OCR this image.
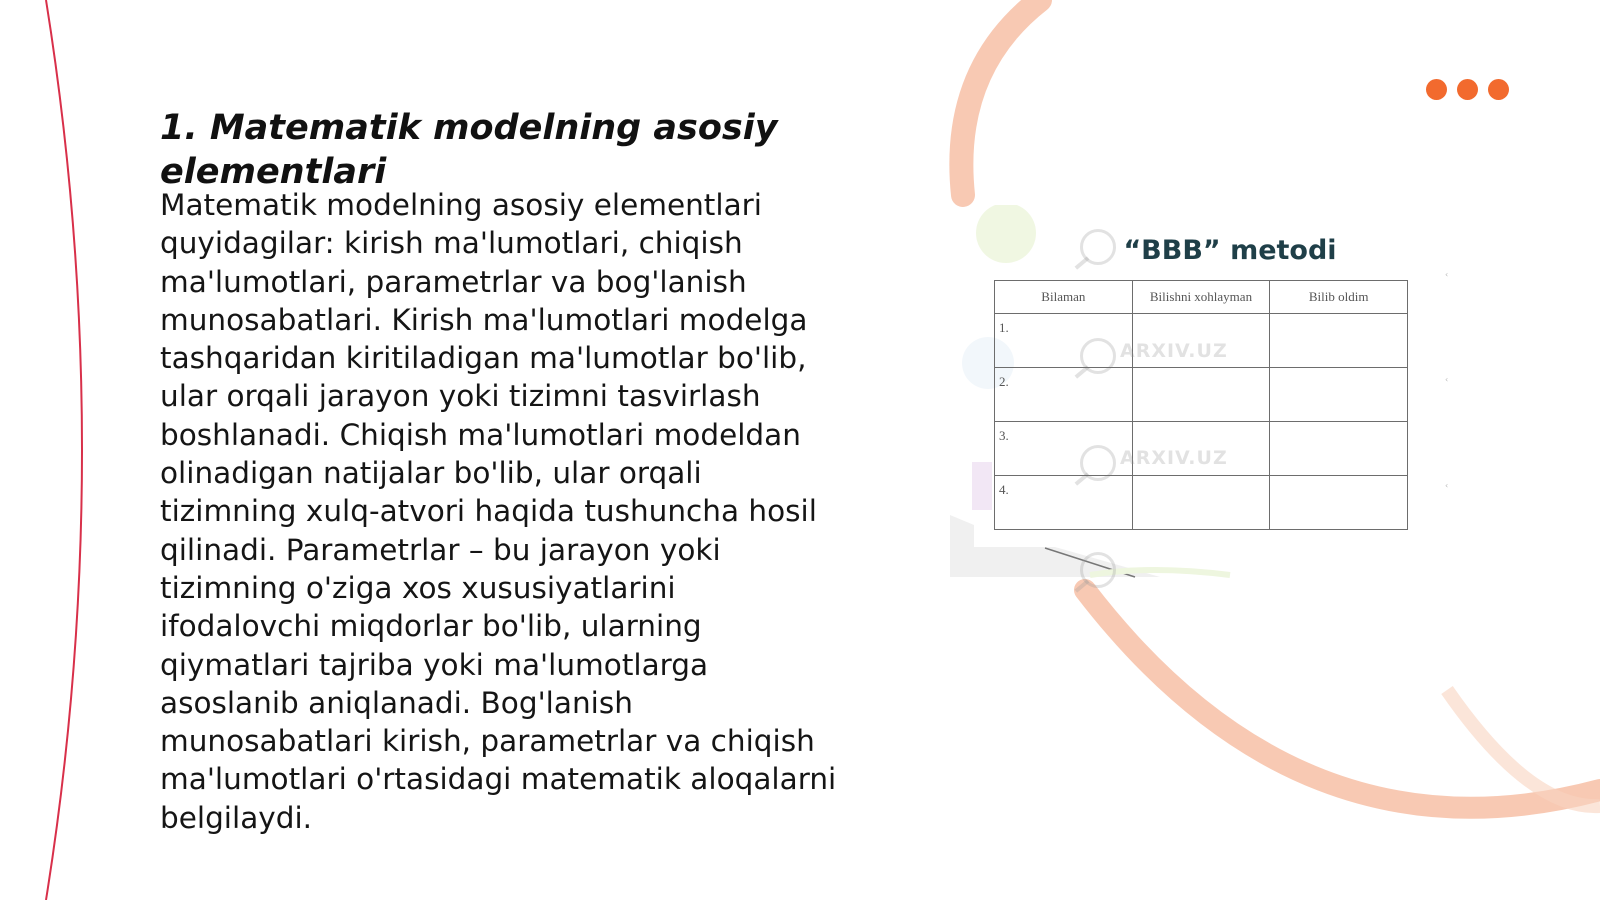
1. Matematik modelning asosiy elementlari

Matematik modelning asosiy elementlari quyidagilar: kirish ma'lumotlari, chiqish ma'lumotlari, parametrlar va bog'lanish munosabatlari. Kirish ma'lumotlari modelga tashqaridan kiritiladigan ma'lumotlar bo'lib, ular orqali jarayon yoki tizimni tasvirlash boshlanadi. Chiqish ma'lumotlari modeldan olinadigan natijalar bo'lib, ular orqali tizimning xulq-atvori haqida tushuncha hosil qilinadi. Parametrlar – bu jarayon yoki tizimning o'ziga xos xususiyatlarini ifodalovchi miqdorlar bo'lib, ularning qiymatlari tajriba yoki ma'lumotlarga asoslanib aniqlanadi. Bog'lanish munosabatlari kirish, parametrlar va chiqish ma'lumotlari o'rtasidagi matematik aloqalarni belgilaydi.

‹
‹
‹
“BBB” metodi
Bilaman	Bilishni xohlayman	Bilib oldim
1.		
2.		
3.		
4.		
ARXIV.UZ
ARXIV.UZ
